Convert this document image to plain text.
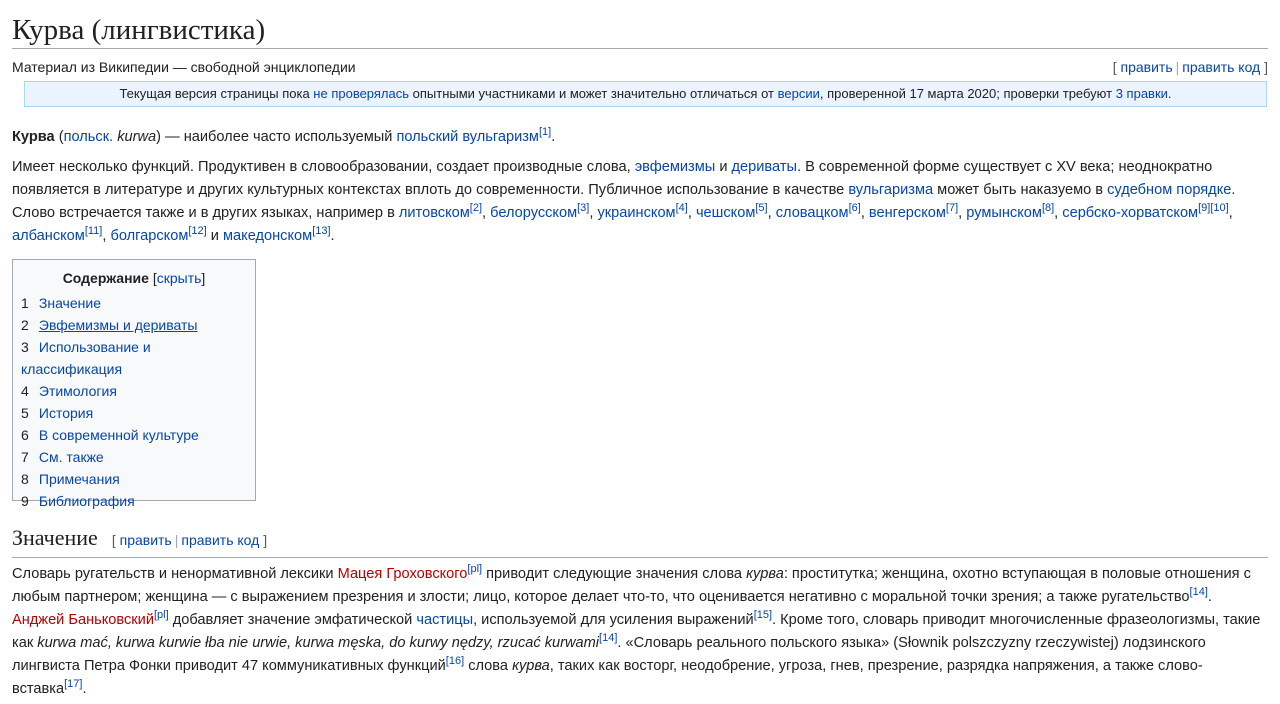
Курва (лингвистика)
Материал из Википедии — свободной энциклопедии	[ править | править код ]
Текущая версия страницы пока не проверялась опытными участниками и может значительно отличаться от версии, проверенной 17 марта 2020; проверки требуют 3 правки.

Курва (польск. kurwa) — наиболее часто используемый польский вульгаризм[1].

Имеет несколько функций. Продуктивен в словообразовании, создает производные слова, эвфемизмы и дериваты. В современной форме существует с XV века; неоднократно появляется в литературе и других культурных контекстах вплоть до современности. Публичное использование в качестве вульгаризма может быть наказуемо в судебном порядке. Слово встречается также и в других языках, например в литовском[2], белорусском[3], украинском[4], чешском[5], словацком[6], венгерском[7], румынском[8], сербско-хорватском[9][10], албанском[11], болгарском[12] и македонском[13].

Содержание [скрыть]
1 Значение
2 Эвфемизмы и дериваты
3 Использование и классификация
4 Этимология
5 История
6 В современной культуре
7 См. также
8 Примечания
9 Библиография
Значение [ править | править код ]

Словарь ругательств и ненормативной лексики Мацея Гроховского[pl] приводит следующие значения слова курва: проститутка; женщина, охотно вступающая в половые отношения с любым партнером; женщина — с выражением презрения и злости; лицо, которое делает что-то, что оценивается негативно с моральной точки зрения; а также ругательство[14].
Анджей Баньковский[pl] добавляет значение эмфатической частицы, используемой для усиления выражений[15]. Кроме того, словарь приводит многочисленные фразеологизмы, такие как kurwa mać, kurwa kurwie łba nie urwie, kurwa męska, do kurwy nędzy, rzucać kurwami[14]. «Словарь реального польского языка» (Słownik polszczyzny rzeczywistej) лодзинского лингвиста Петра Фонки приводит 47 коммуникативных функций[16] слова курва, таких как восторг, неодобрение, угроза, гнев, презрение, разрядка напряжения, а также слово-вставка[17].
